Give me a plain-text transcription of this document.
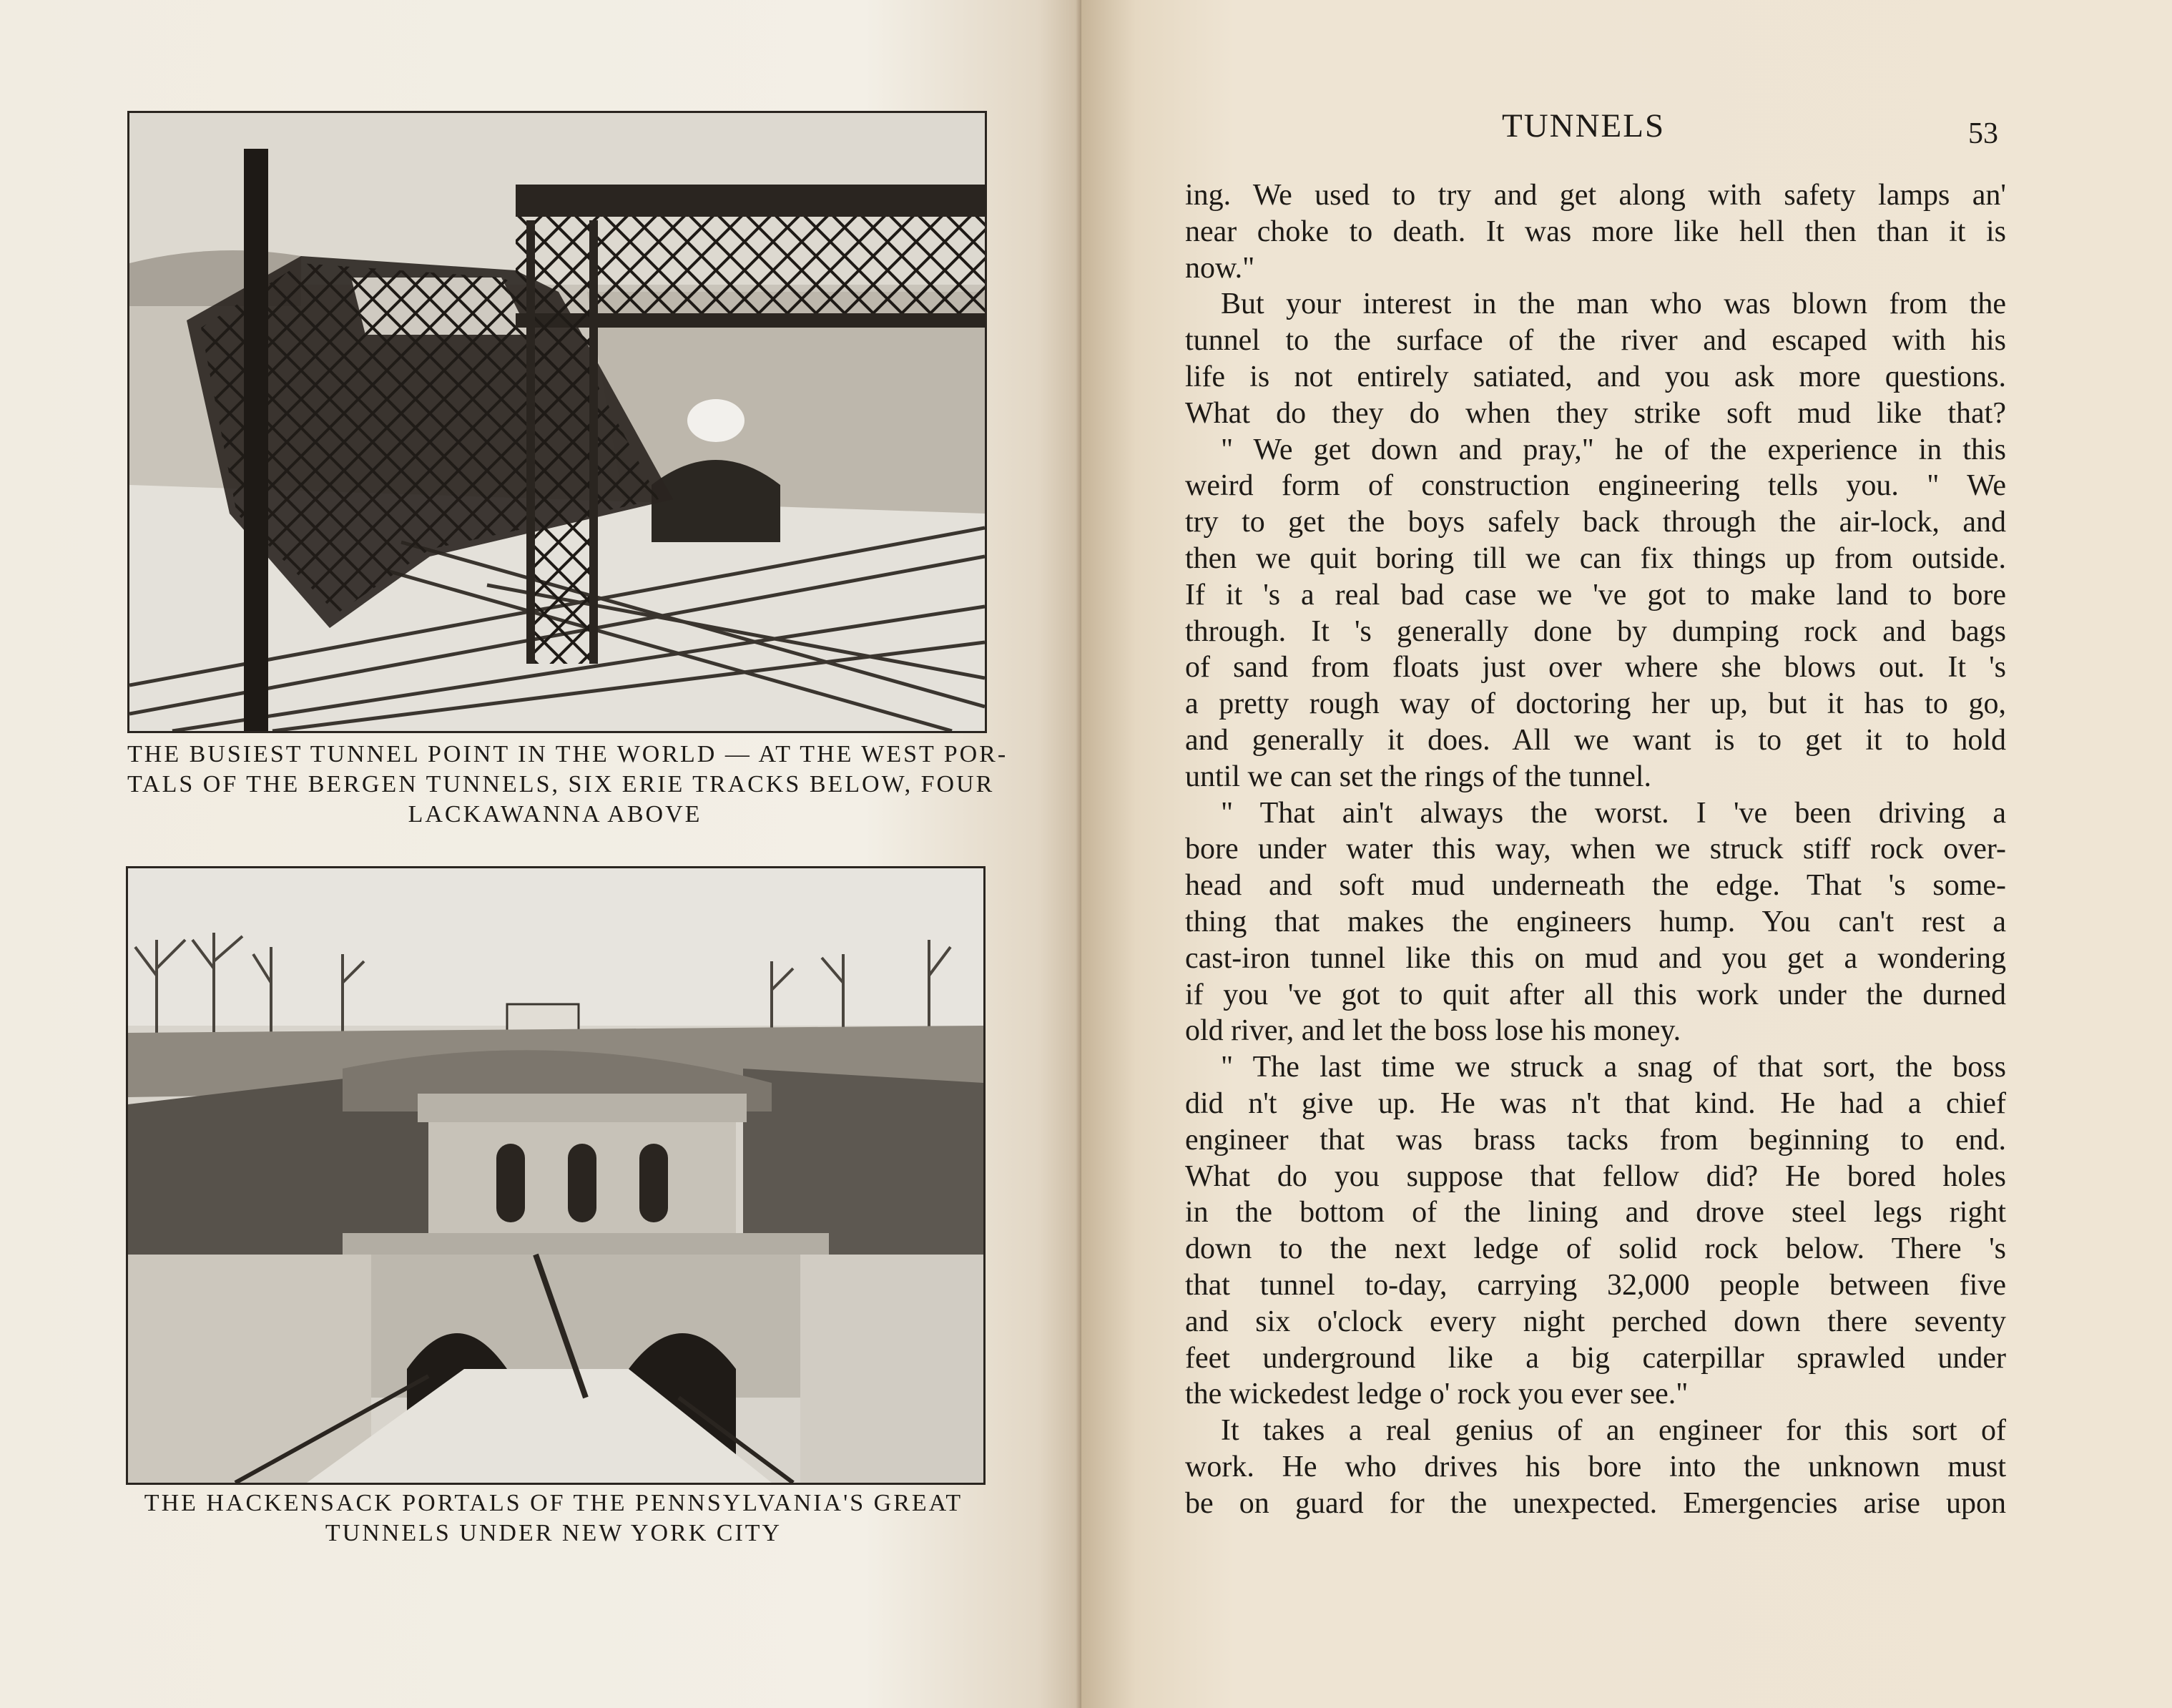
THE BUSIEST TUNNEL POINT IN THE WORLD — AT THE WEST POR-
TALS OF THE BERGEN TUNNELS, SIX ERIE TRACKS BELOW, FOUR
LACKAWANNA ABOVE
THE HACKENSACK PORTALS OF THE PENNSYLVANIA'S GREAT
TUNNELS UNDER NEW YORK CITY
TUNNELS	53
ing. We used to try and get along with safety lamps an'
near choke to death. It was more like hell then than it is
now."
But your interest in the man who was blown from the
tunnel to the surface of the river and escaped with his
life is not entirely satiated, and you ask more questions.
What do they do when they strike soft mud like that?
" We get down and pray," he of the experience in this
weird form of construction engineering tells you. " We
try to get the boys safely back through the air-lock, and
then we quit boring till we can fix things up from outside.
If it 's a real bad case we 've got to make land to bore
through. It 's generally done by dumping rock and bags
of sand from floats just over where she blows out. It 's
a pretty rough way of doctoring her up, but it has to go,
and generally it does. All we want is to get it to hold
until we can set the rings of the tunnel.
" That ain't always the worst. I 've been driving a
bore under water this way, when we struck stiff rock over-
head and soft mud underneath the edge. That 's some-
thing that makes the engineers hump. You can't rest a
cast-iron tunnel like this on mud and you get a wondering
if you 've got to quit after all this work under the durned
old river, and let the boss lose his money.
" The last time we struck a snag of that sort, the boss
did n't give up. He was n't that kind. He had a chief
engineer that was brass tacks from beginning to end.
What do you suppose that fellow did? He bored holes
in the bottom of the lining and drove steel legs right
down to the next ledge of solid rock below. There 's
that tunnel to-day, carrying 32,000 people between five
and six o'clock every night perched down there seventy
feet underground like a big caterpillar sprawled under
the wickedest ledge o' rock you ever see."
It takes a real genius of an engineer for this sort of
work. He who drives his bore into the unknown must
be on guard for the unexpected. Emergencies arise upon
